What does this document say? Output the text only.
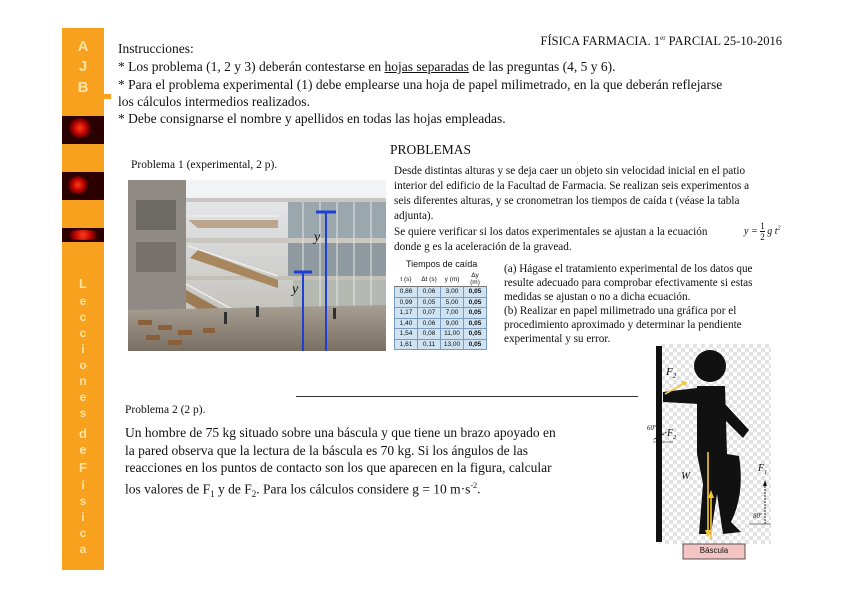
A
J
B
L
e
c
c
i
o
n
e
s
d
e
F
í
s
i
c
a
FÍSICA FARMACIA. 1er PARCIAL 25-10-2016
Instrucciones:
* Los problema (1, 2 y 3) deberán contestarse en hojas separadas de las preguntas (4, 5 y 6).
* Para el problema experimental (1) debe emplearse una hoja de papel milimetrado, en la que deberán reflejarse
los cálculos intermedios realizados.
* Debe consignarse el nombre y apellidos en todas las hojas empleadas.
PROBLEMAS
Problema 1 (experimental, 2 p).
y
y
Desde distintas alturas y se deja caer un objeto sin velocidad inicial en el patio
interior del edificio de la Facultad de Farmacia. Se realizan seis experimentos a
seis diferentes alturas, y se cronometran los tiempos de caída t (véase la tabla
adjunta).
Se quiere verificar si los datos experimentales se ajustan a la ecuación
donde g es la aceleración de la gravead.
$y = \frac{1}{2}$ g $t^2$
Tiempos de caída
t (s)	Δt (s)	y (m)	Δy (m)
0,86	0,06	3,00	0,05
0,99	0,05	5,00	0,05
1,17	0,07	7,00	0,05
1,40	0,06	9,00	0,05
1,54	0,08	11,00	0,05
1,61	0,11	13,00	0,05
(a) Hágase el tratamiento experimental de los datos que
resulte adecuado para comprobar efectivamente si estas
medidas se ajustan o no a dicha ecuación.
(b) Realizar en papel milimetrado una gráfica por el
procedimiento aproximado y determinar la pendiente
experimental y su error.
Problema 2 (2 p).
Un hombre de 75 kg situado sobre una báscula y que tiene un brazo apoyado en
la pared observa que la lectura de la báscula es 70 kg. Si los ángulos de las
reacciones en los puntos de contacto son los que aparecen en la figura, calcular
los valores de $F_1$ y de $F_2$. Para los cálculos considere g = 10 $m\cdot s^{-2}$.
$F_2$
60º $F_2$
W
$F_1$
$F_1$
80º
Báscula
